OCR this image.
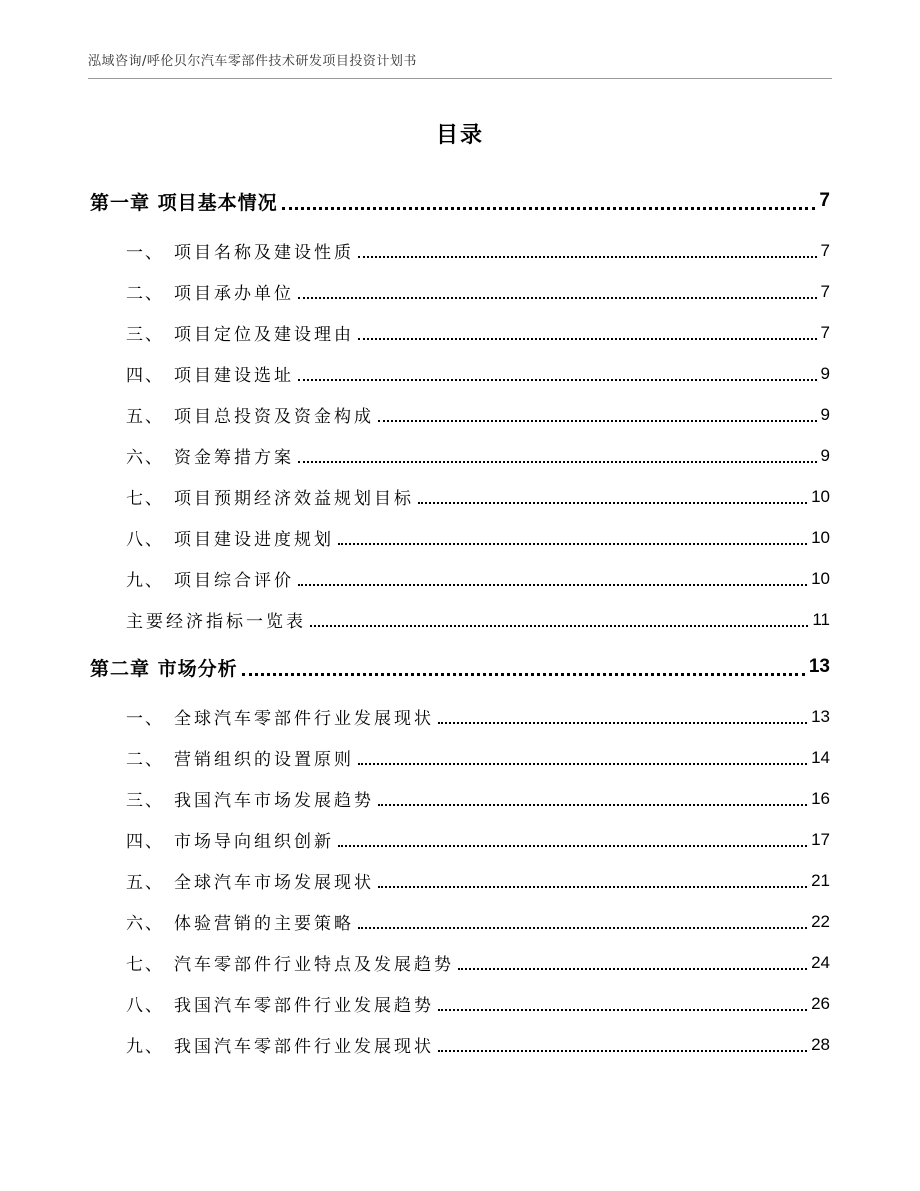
泓域咨询/呼伦贝尔汽车零部件技术研发项目投资计划书
目录
第一章 项目基本情况	7
一、 项目名称及建设性质	7
二、 项目承办单位	7
三、 项目定位及建设理由	7
四、 项目建设选址	9
五、 项目总投资及资金构成	9
六、 资金筹措方案	9
七、 项目预期经济效益规划目标	10
八、 项目建设进度规划	10
九、 项目综合评价	10
主要经济指标一览表	11
第二章 市场分析	13
一、 全球汽车零部件行业发展现状	13
二、 营销组织的设置原则	14
三、 我国汽车市场发展趋势	16
四、 市场导向组织创新	17
五、 全球汽车市场发展现状	21
六、 体验营销的主要策略	22
七、 汽车零部件行业特点及发展趋势	24
八、 我国汽车零部件行业发展趋势	26
九、 我国汽车零部件行业发展现状	28
